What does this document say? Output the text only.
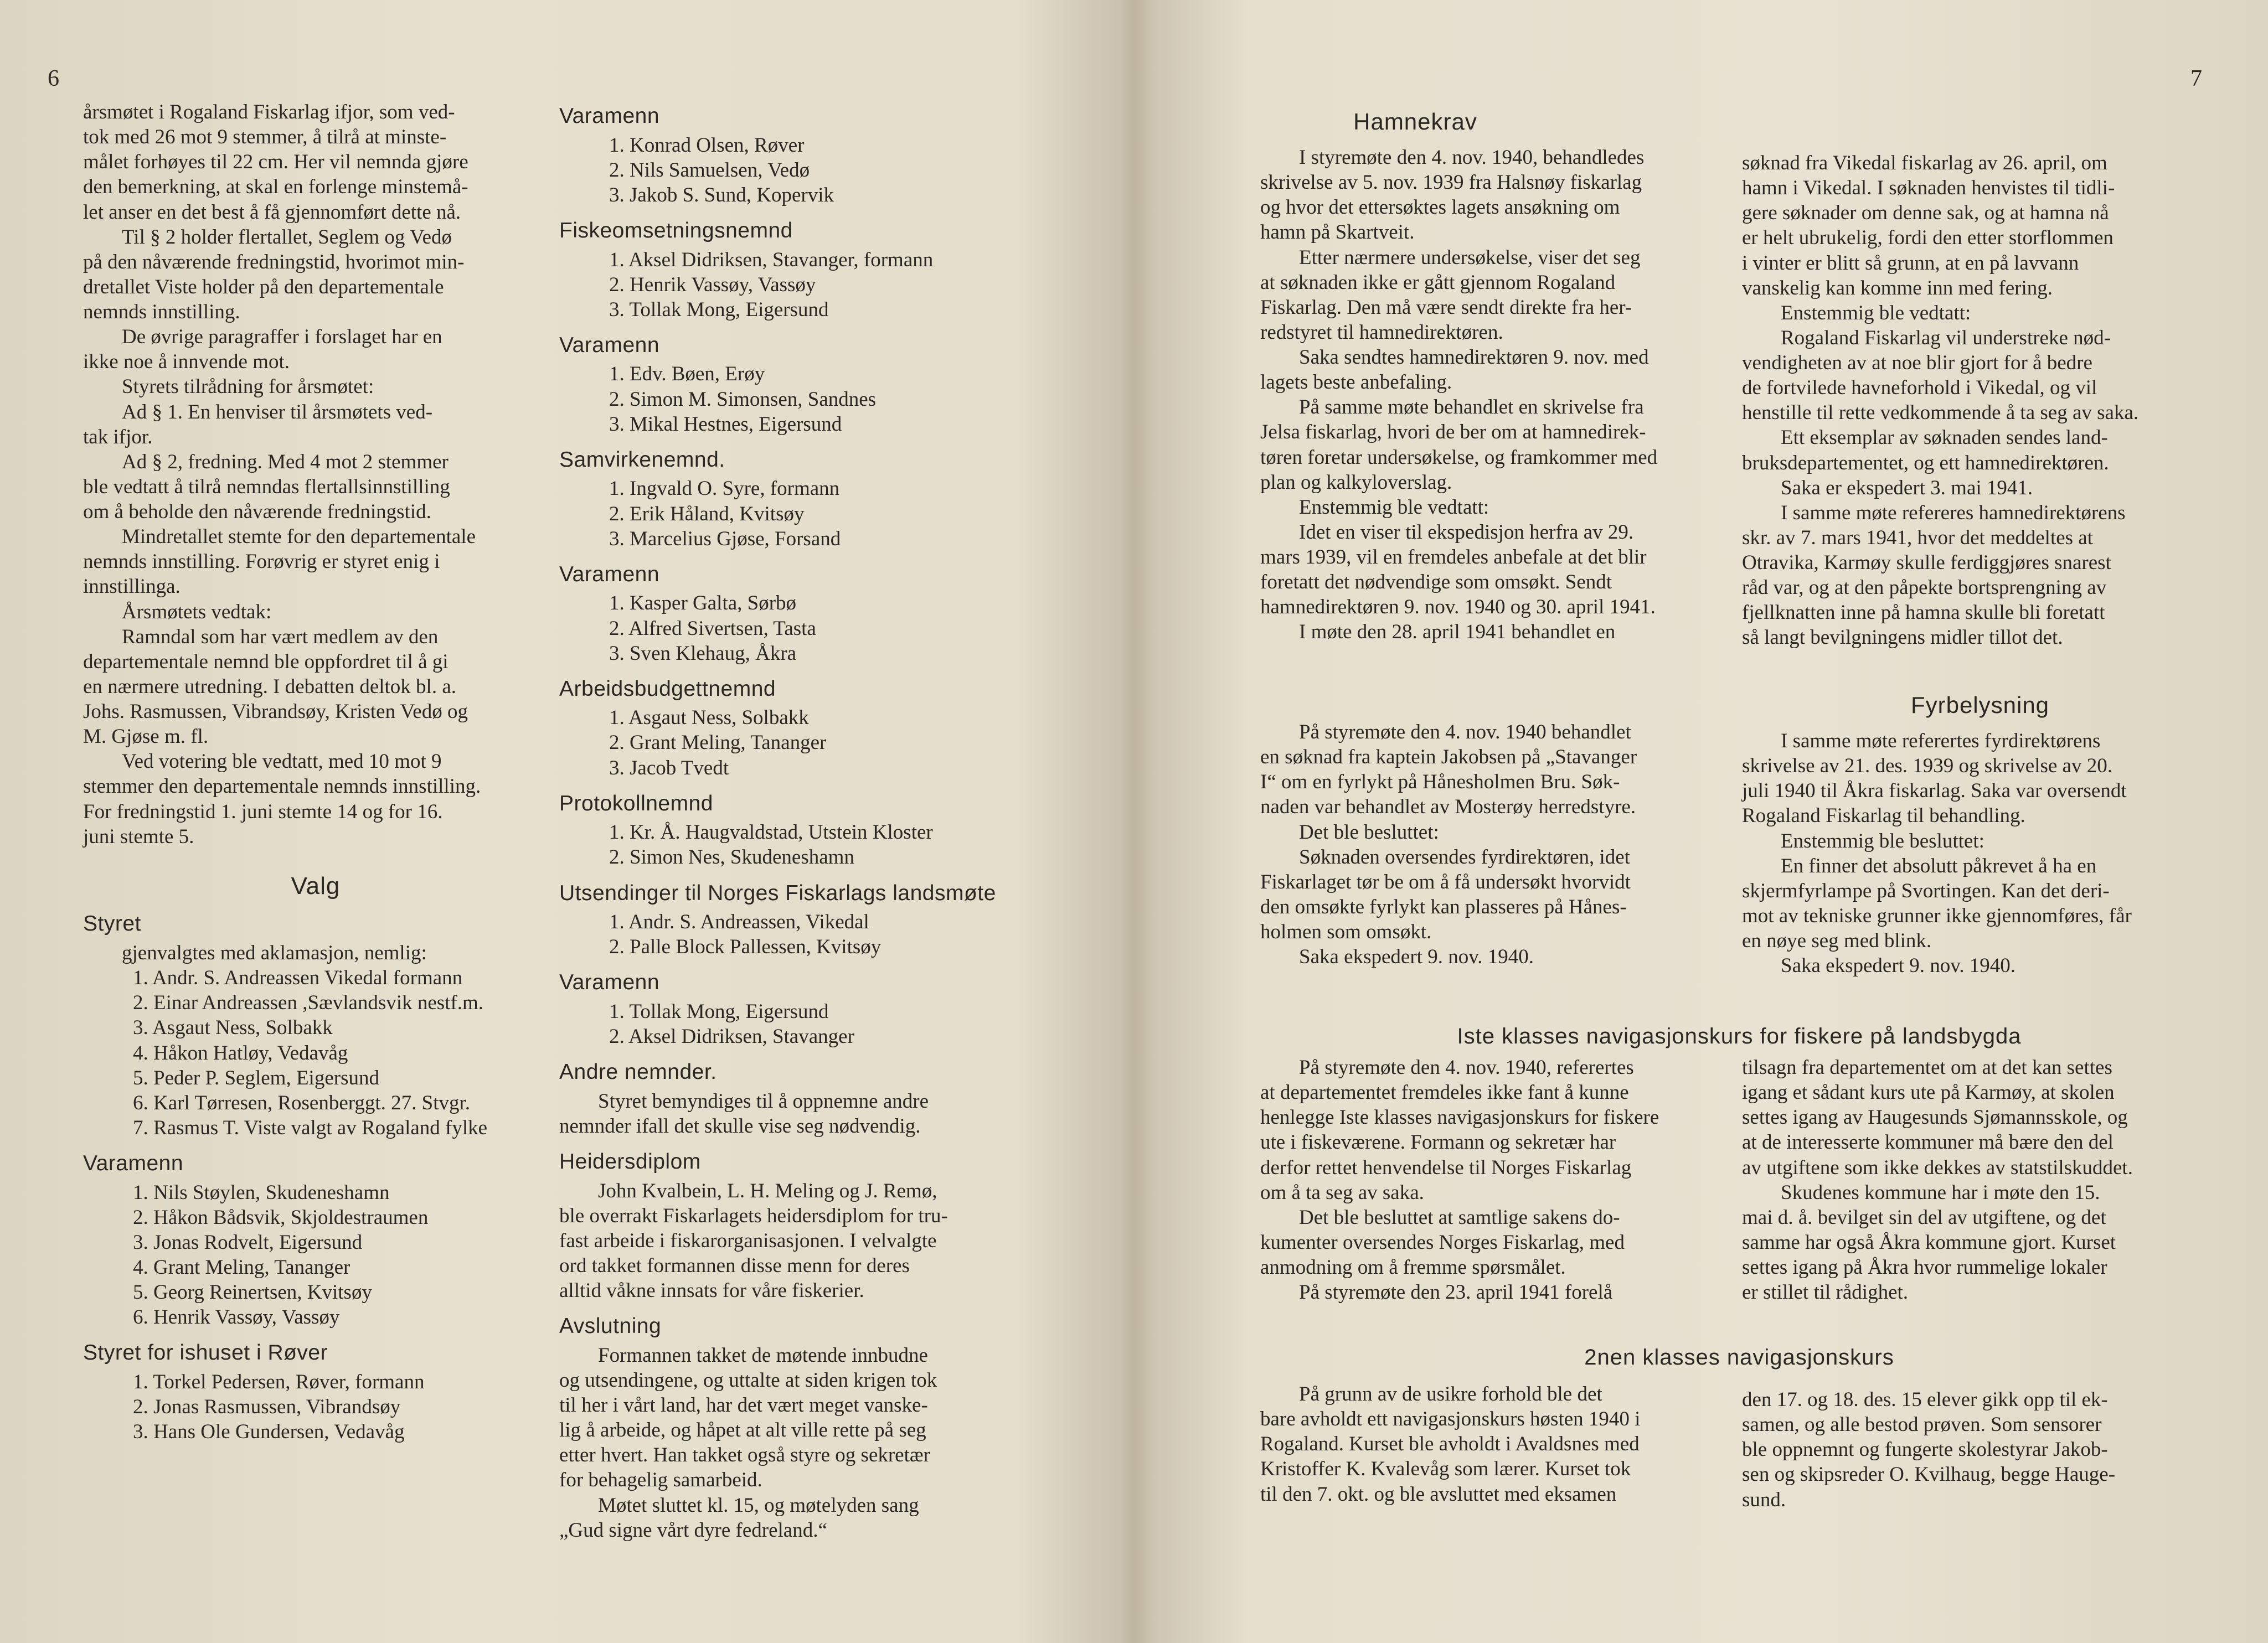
6
årsmøtet i Rogaland Fiskarlag ifjor, som ved-
tok med 26 mot 9 stemmer, å tilrå at minste-
målet forhøyes til 22 cm. Her vil nemnda gjøre
den bemerkning, at skal en forlenge minstemå-
let anser en det best å få gjennomført dette nå.
Til § 2 holder flertallet, Seglem og Vedø
på den nåværende fredningstid, hvorimot min-
dretallet Viste holder på den departementale
nemnds innstilling.
De øvrige paragraffer i forslaget har en
ikke noe å innvende mot.
Styrets tilrådning for årsmøtet:
Ad § 1. En henviser til årsmøtets ved-
tak ifjor.
Ad § 2, fredning. Med 4 mot 2 stemmer
ble vedtatt å tilrå nemndas flertallsinnstilling
om å beholde den nåværende fredningstid.
Mindretallet stemte for den departementale
nemnds innstilling. Forøvrig er styret enig i
innstillinga.
Årsmøtets vedtak:
Ramndal som har vært medlem av den
departementale nemnd ble oppfordret til å gi
en nærmere utredning. I debatten deltok bl. a.
Johs. Rasmussen, Vibrandsøy, Kristen Vedø og
M. Gjøse m. fl.
Ved votering ble vedtatt, med 10 mot 9
stemmer den departementale nemnds innstilling.
For fredningstid 1. juni stemte 14 og for 16.
juni stemte 5.
Valg
Styret
gjenvalgtes med aklamasjon, nemlig:
1. Andr. S. Andreassen Vikedal formann
2. Einar Andreassen ,Sævlandsvik nestf.m.
3. Asgaut Ness, Solbakk
4. Håkon Hatløy, Vedavåg
5. Peder P. Seglem, Eigersund
6. Karl Tørresen, Rosenberggt. 27. Stvgr.
7. Rasmus T. Viste valgt av Rogaland fylke
Varamenn
1. Nils Støylen, Skudeneshamn
2. Håkon Bådsvik, Skjoldestraumen
3. Jonas Rodvelt, Eigersund
4. Grant Meling, Tananger
5. Georg Reinertsen, Kvitsøy
6. Henrik Vassøy, Vassøy
Styret for ishuset i Røver
1. Torkel Pedersen, Røver, formann
2. Jonas Rasmussen, Vibrandsøy
3. Hans Ole Gundersen, Vedavåg
Varamenn
1. Konrad Olsen, Røver
2. Nils Samuelsen, Vedø
3. Jakob S. Sund, Kopervik
Fiskeomsetningsnemnd
1. Aksel Didriksen, Stavanger, formann
2. Henrik Vassøy, Vassøy
3. Tollak Mong, Eigersund
Varamenn
1. Edv. Bøen, Erøy
2. Simon M. Simonsen, Sandnes
3. Mikal Hestnes, Eigersund
Samvirkenemnd.
1. Ingvald O. Syre, formann
2. Erik Håland, Kvitsøy
3. Marcelius Gjøse, Forsand
Varamenn
1. Kasper Galta, Sørbø
2. Alfred Sivertsen, Tasta
3. Sven Klehaug, Åkra
Arbeidsbudgettnemnd
1. Asgaut Ness, Solbakk
2. Grant Meling, Tananger
3. Jacob Tvedt
Protokollnemnd
1. Kr. Å. Haugvaldstad, Utstein Kloster
2. Simon Nes, Skudeneshamn
Utsendinger til Norges Fiskarlags landsmøte
1. Andr. S. Andreassen, Vikedal
2. Palle Block Pallessen, Kvitsøy
Varamenn
1. Tollak Mong, Eigersund
2. Aksel Didriksen, Stavanger
Andre nemnder.
Styret bemyndiges til å oppnemne andre
nemnder ifall det skulle vise seg nødvendig.
Heidersdiplom
John Kvalbein, L. H. Meling og J. Remø,
ble overrakt Fiskarlagets heidersdiplom for tru-
fast arbeide i fiskarorganisasjonen. I velvalgte
ord takket formannen disse menn for deres
alltid våkne innsats for våre fiskerier.
Avslutning
Formannen takket de møtende innbudne
og utsendingene, og uttalte at siden krigen tok
til her i vårt land, har det vært meget vanske-
lig å arbeide, og håpet at alt ville rette på seg
etter hvert. Han takket også styre og sekretær
for behagelig samarbeid.
Møtet sluttet kl. 15, og møtelyden sang
„Gud signe vårt dyre fedreland.“
7
Hamnekrav
I styremøte den 4. nov. 1940, behandledes
skrivelse av 5. nov. 1939 fra Halsnøy fiskarlag
og hvor det ettersøktes lagets ansøkning om
hamn på Skartveit.
Etter nærmere undersøkelse, viser det seg
at søknaden ikke er gått gjennom Rogaland
Fiskarlag. Den må være sendt direkte fra her-
redstyret til hamnedirektøren.
Saka sendtes hamnedirektøren 9. nov. med
lagets beste anbefaling.
På samme møte behandlet en skrivelse fra
Jelsa fiskarlag, hvori de ber om at hamnedirek-
tøren foretar undersøkelse, og framkommer med
plan og kalkyloverslag.
Enstemmig ble vedtatt:
Idet en viser til ekspedisjon herfra av 29.
mars 1939, vil en fremdeles anbefale at det blir
foretatt det nødvendige som omsøkt. Sendt
hamnedirektøren 9. nov. 1940 og 30. april 1941.
I møte den 28. april 1941 behandlet en
søknad fra Vikedal fiskarlag av 26. april, om
hamn i Vikedal. I søknaden henvistes til tidli-
gere søknader om denne sak, og at hamna nå
er helt ubrukelig, fordi den etter storflommen
i vinter er blitt så grunn, at en på lavvann
vanskelig kan komme inn med fering.
Enstemmig ble vedtatt:
Rogaland Fiskarlag vil understreke nød-
vendigheten av at noe blir gjort for å bedre
de fortvilede havneforhold i Vikedal, og vil
henstille til rette vedkommende å ta seg av saka.
Ett eksemplar av søknaden sendes land-
bruksdepartementet, og ett hamnedirektøren.
Saka er ekspedert 3. mai 1941.
I samme møte refereres hamnedirektørens
skr. av 7. mars 1941, hvor det meddeltes at
Otravika, Karmøy skulle ferdiggjøres snarest
råd var, og at den påpekte bortsprengning av
fjellknatten inne på hamna skulle bli foretatt
så langt bevilgningens midler tillot det.
Fyrbelysning
På styremøte den 4. nov. 1940 behandlet
en søknad fra kaptein Jakobsen på „Stavanger
I“ om en fyrlykt på Hånesholmen Bru. Søk-
naden var behandlet av Mosterøy herredstyre.
Det ble besluttet:
Søknaden oversendes fyrdirektøren, idet
Fiskarlaget tør be om å få undersøkt hvorvidt
den omsøkte fyrlykt kan plasseres på Hånes-
holmen som omsøkt.
Saka ekspedert 9. nov. 1940.
I samme møte referertes fyrdirektørens
skrivelse av 21. des. 1939 og skrivelse av 20.
juli 1940 til Åkra fiskarlag. Saka var oversendt
Rogaland Fiskarlag til behandling.
Enstemmig ble besluttet:
En finner det absolutt påkrevet å ha en
skjermfyrlampe på Svortingen. Kan det deri-
mot av tekniske grunner ikke gjennomføres, får
en nøye seg med blink.
Saka ekspedert 9. nov. 1940.
Iste klasses navigasjonskurs for fiskere på landsbygda
På styremøte den 4. nov. 1940, referertes
at departementet fremdeles ikke fant å kunne
henlegge Iste klasses navigasjonskurs for fiskere
ute i fiskeværene. Formann og sekretær har
derfor rettet henvendelse til Norges Fiskarlag
om å ta seg av saka.
Det ble besluttet at samtlige sakens do-
kumenter oversendes Norges Fiskarlag, med
anmodning om å fremme spørsmålet.
På styremøte den 23. april 1941 forelå
tilsagn fra departementet om at det kan settes
igang et sådant kurs ute på Karmøy, at skolen
settes igang av Haugesunds Sjømannsskole, og
at de interesserte kommuner må bære den del
av utgiftene som ikke dekkes av statstilskuddet.
Skudenes kommune har i møte den 15.
mai d. å. bevilget sin del av utgiftene, og det
samme har også Åkra kommune gjort. Kurset
settes igang på Åkra hvor rummelige lokaler
er stillet til rådighet.
2nen klasses navigasjonskurs
På grunn av de usikre forhold ble det
bare avholdt ett navigasjonskurs høsten 1940 i
Rogaland. Kurset ble avholdt i Avaldsnes med
Kristoffer K. Kvalevåg som lærer. Kurset tok
til den 7. okt. og ble avsluttet med eksamen
den 17. og 18. des. 15 elever gikk opp til ek-
samen, og alle bestod prøven. Som sensorer
ble oppnemnt og fungerte skolestyrar Jakob-
sen og skipsreder O. Kvilhaug, begge Hauge-
sund.
